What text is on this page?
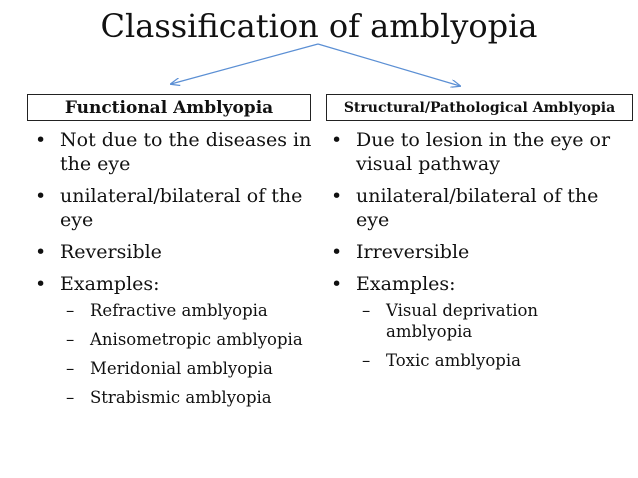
Classification of amblyopia
Functional Amblyopia	Structural/Pathological Amblyopia
• Not due to the diseases in the eye
• unilateral/bilateral of the eye
• Reversible
• Examples:
– Refractive amblyopia
– Anisometropic amblyopia
– Meridonial amblyopia
– Strabismic amblyopia
• Due to lesion in the eye or visual pathway
• unilateral/bilateral of the eye
• Irreversible
• Examples:
– Visual deprivation amblyopia
– Toxic amblyopia
